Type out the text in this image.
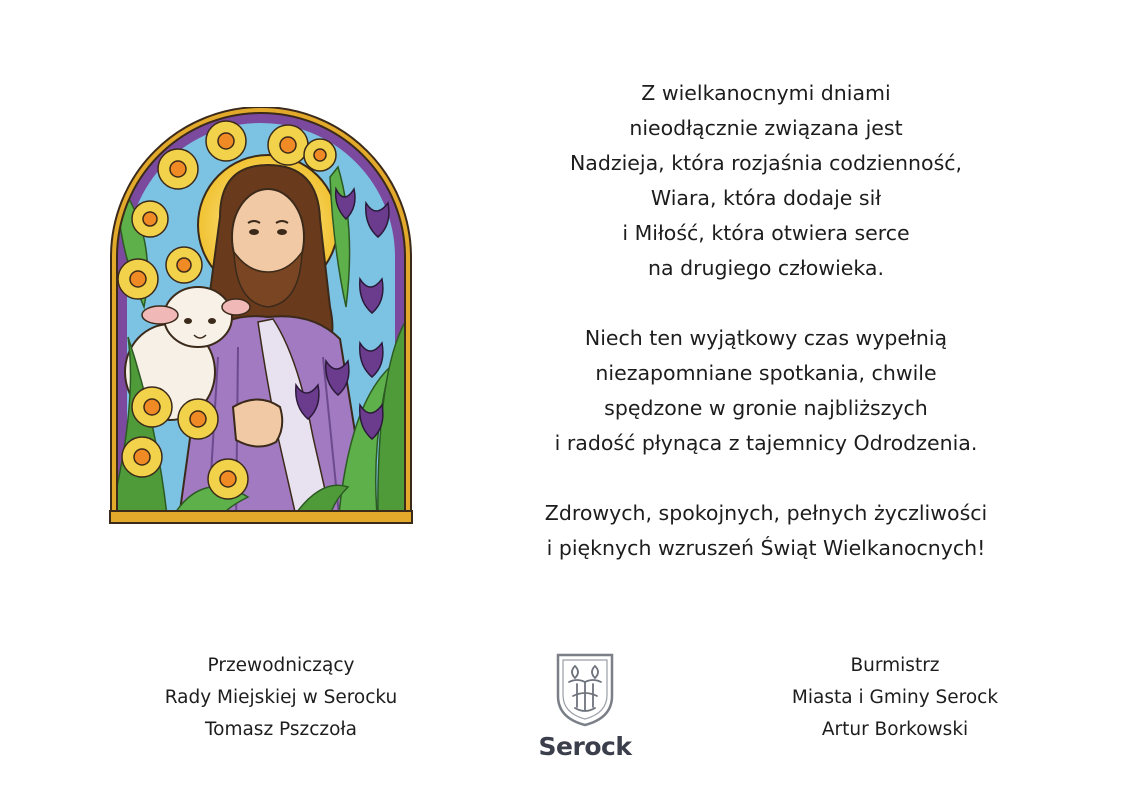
Z wielkanocnymi dniami
nieodłącznie związana jest
Nadzieja, która rozjaśnia codzienność,
Wiara, która dodaje sił
i Miłość, która otwiera serce
na drugiego człowieka.

Niech ten wyjątkowy czas wypełnią
niezapomniane spotkania, chwile
spędzone w gronie najbliższych
i radość płynąca z tajemnicy Odrodzenia.

Zdrowych, spokojnych, pełnych życzliwości
i pięknych wzruszeń Świąt Wielkanocnych!

Przewodniczący
Rady Miejskiej w Serocku
Tomasz Pszczoła
Serock
Burmistrz
Miasta i Gminy Serock
Artur Borkowski
